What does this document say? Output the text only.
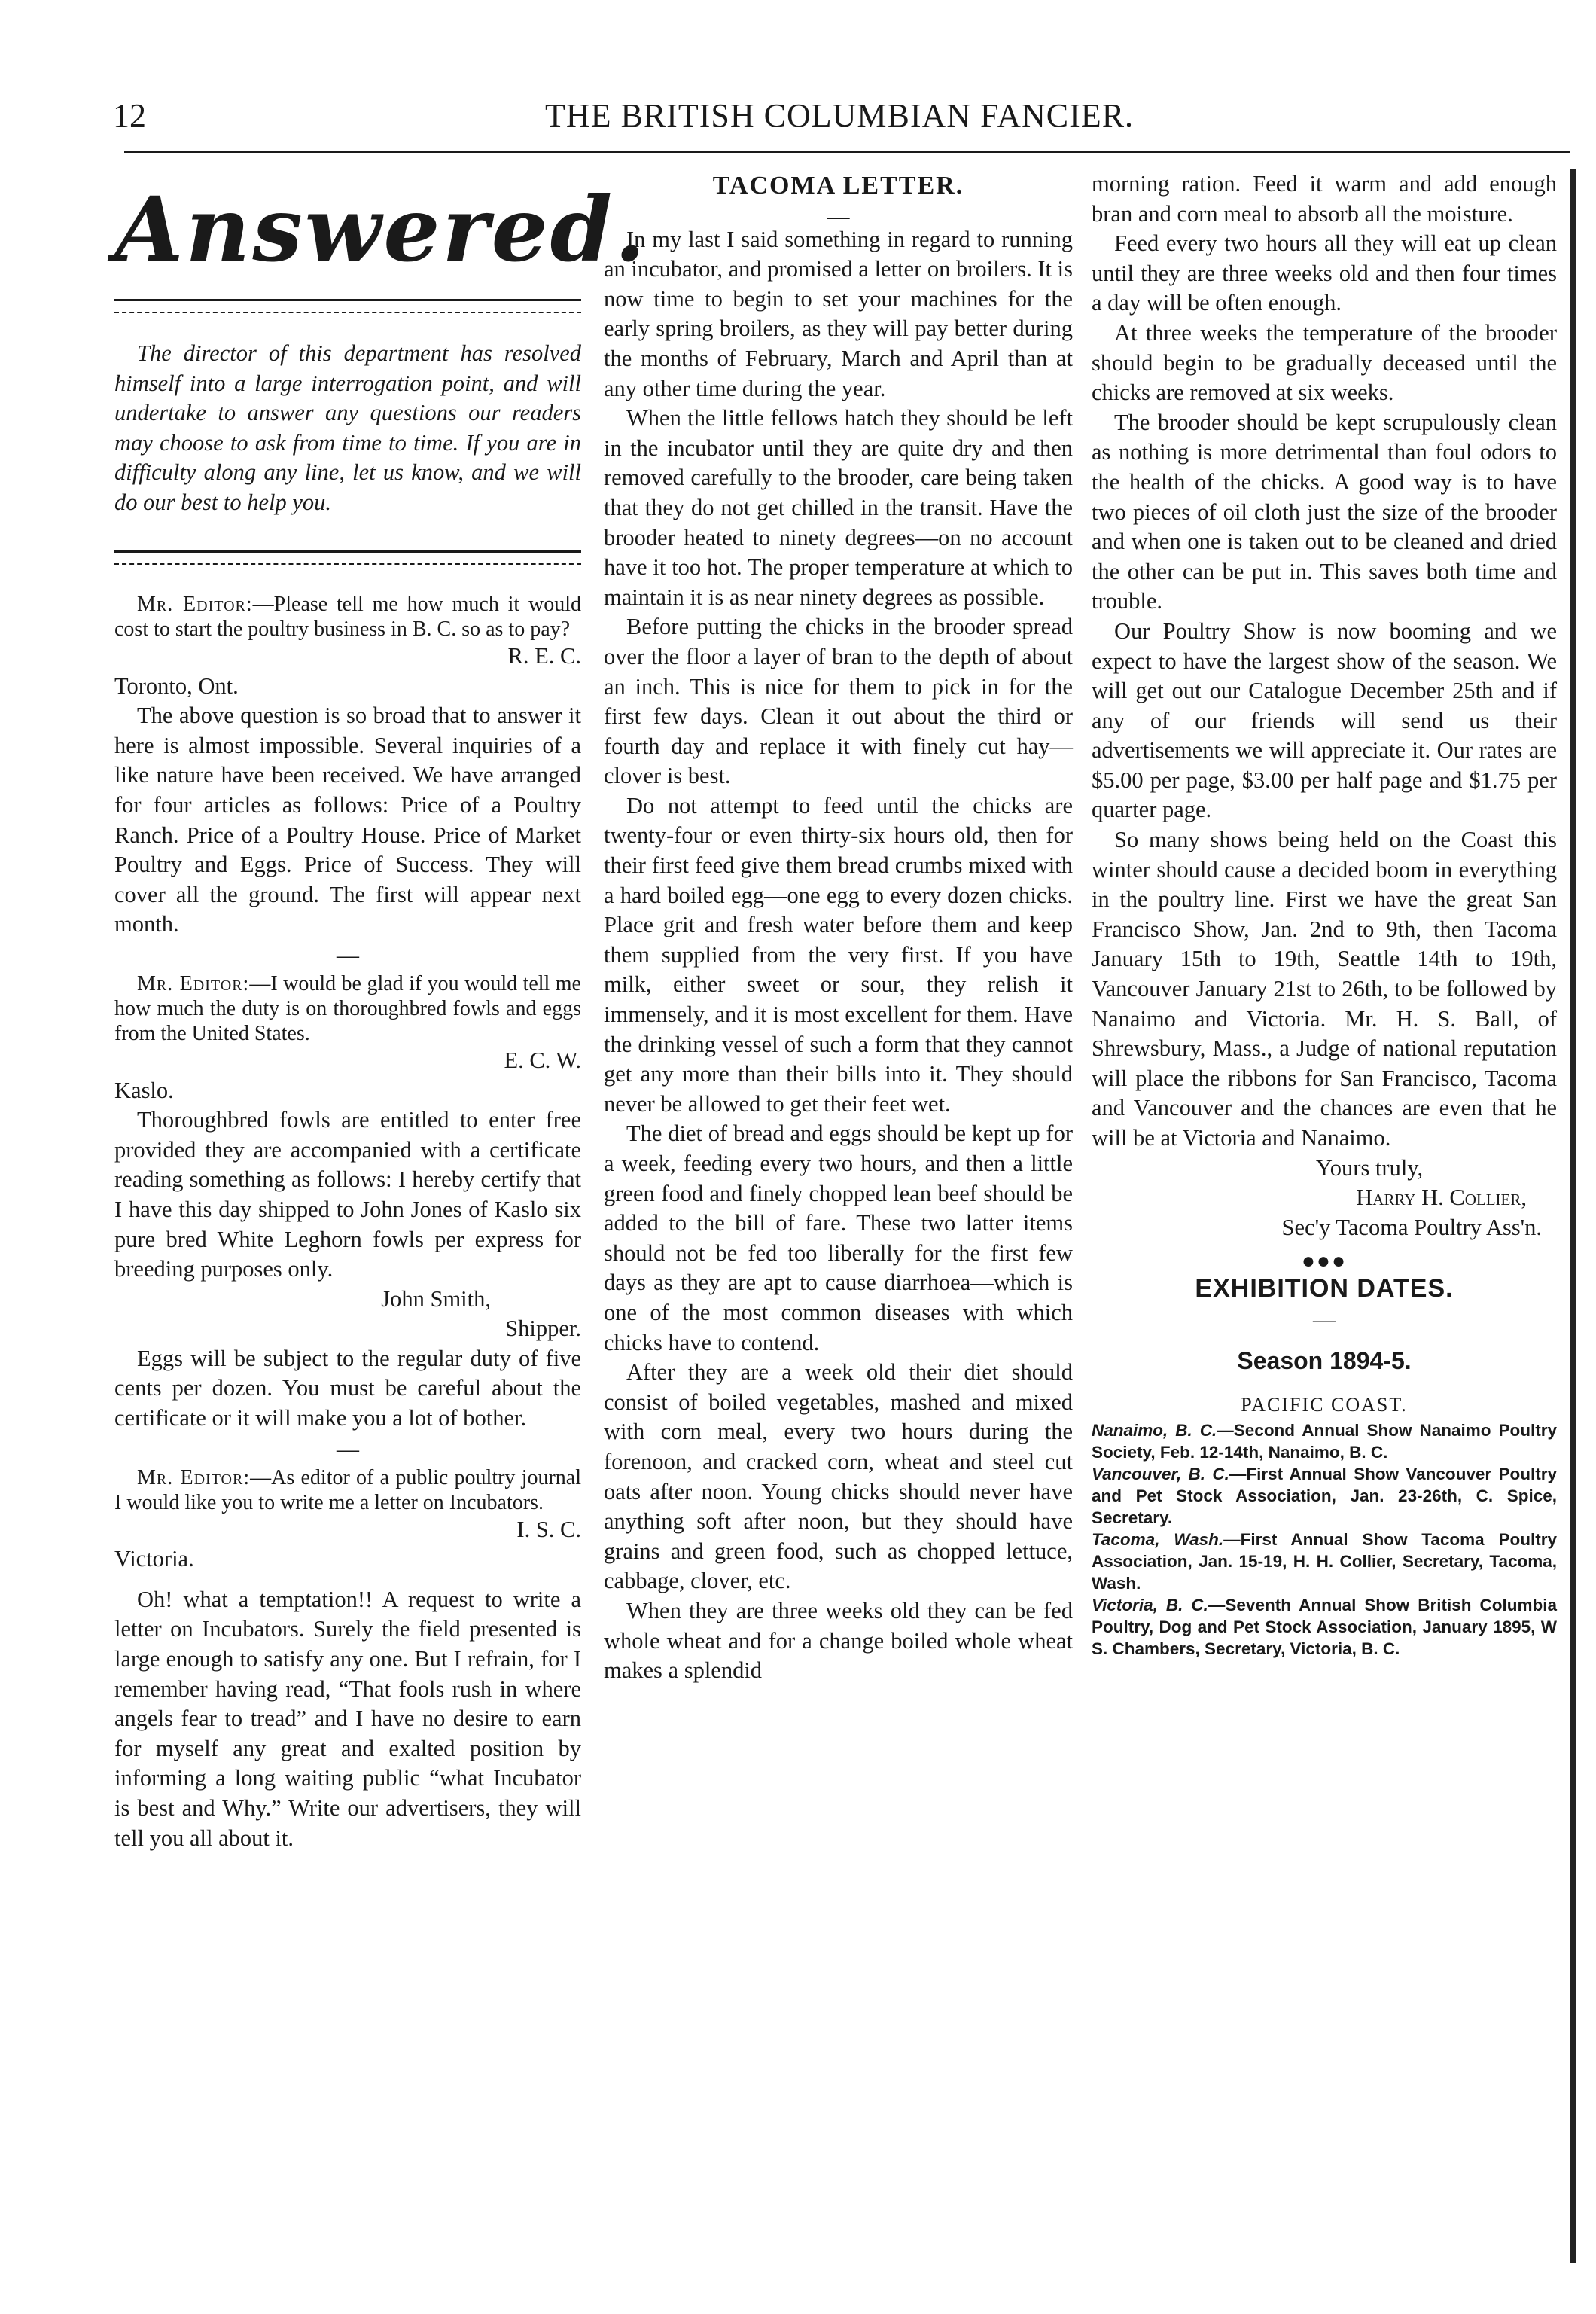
12	THE BRITISH COLUMBIAN FANCIER.
Answered.

The director of this department has resolved himself into a large interrogation point, and will undertake to answer any questions our readers may choose to ask from time to time. If you are in difficulty along any line, let us know, and we will do our best to help you.

Mr. Editor:—Please tell me how much it would cost to start the poultry business in B. C. so as to pay?

R. E. C.

Toronto, Ont.

The above question is so broad that to answer it here is almost impossible. Several inquiries of a like nature have been received. We have arranged for four articles as follows: Price of a Poultry Ranch. Price of a Poultry House. Price of Market Poultry and Eggs. Price of Success. They will cover all the ground. The first will appear next month.

—

Mr. Editor:—I would be glad if you would tell me how much the duty is on thoroughbred fowls and eggs from the United States.

E. C. W.

Kaslo.

Thoroughbred fowls are entitled to enter free provided they are accompanied with a certificate reading something as follows: I hereby certify that I have this day shipped to John Jones of Kaslo six pure bred White Leghorn fowls per express for breeding purposes only.

John Smith,

Shipper.

Eggs will be subject to the regular duty of five cents per dozen. You must be careful about the certificate or it will make you a lot of bother.

—

Mr. Editor:—As editor of a public poultry journal I would like you to write me a letter on Incubators.

I. S. C.

Victoria.

Oh! what a temptation!! A request to write a letter on Incubators. Surely the field presented is large enough to satisfy any one. But I refrain, for I remember having read, “That fools rush in where angels fear to tread” and I have no desire to earn for myself any great and exalted position by informing a long waiting public “what Incubator is best and Why.” Write our advertisers, they will tell you all about it.

TACOMA LETTER.

—

In my last I said something in regard to running an incubator, and promised a letter on broilers. It is now time to begin to set your machines for the early spring broilers, as they will pay better during the months of February, March and April than at any other time during the year.

When the little fellows hatch they should be left in the incubator until they are quite dry and then removed carefully to the brooder, care being taken that they do not get chilled in the transit. Have the brooder heated to ninety degrees—on no account have it too hot. The proper temperature at which to maintain it is as near ninety degrees as possible.

Before putting the chicks in the brooder spread over the floor a layer of bran to the depth of about an inch. This is nice for them to pick in for the first few days. Clean it out about the third or fourth day and replace it with finely cut hay—clover is best.

Do not attempt to feed until the chicks are twenty-four or even thirty-six hours old, then for their first feed give them bread crumbs mixed with a hard boiled egg—one egg to every dozen chicks. Place grit and fresh water before them and keep them supplied from the very first. If you have milk, either sweet or sour, they relish it immensely, and it is most excellent for them. Have the drinking vessel of such a form that they cannot get any more than their bills into it. They should never be allowed to get their feet wet.

The diet of bread and eggs should be kept up for a week, feeding every two hours, and then a little green food and finely chopped lean beef should be added to the bill of fare. These two latter items should not be fed too liberally for the first few days as they are apt to cause diarrhoea—which is one of the most common diseases with which chicks have to contend.

After they are a week old their diet should consist of boiled vegetables, mashed and mixed with corn meal, every two hours during the forenoon, and cracked corn, wheat and steel cut oats after noon. Young chicks should never have anything soft after noon, but they should have grains and green food, such as chopped lettuce, cabbage, clover, etc.

When they are three weeks old they can be fed whole wheat and for a change boiled whole wheat makes a splendid

morning ration. Feed it warm and add enough bran and corn meal to absorb all the moisture.

Feed every two hours all they will eat up clean until they are three weeks old and then four times a day will be often enough.

At three weeks the temperature of the brooder should begin to be gradually deceased until the chicks are removed at six weeks.

The brooder should be kept scrupulously clean as nothing is more detrimental than foul odors to the health of the chicks. A good way is to have two pieces of oil cloth just the size of the brooder and when one is taken out to be cleaned and dried the other can be put in. This saves both time and trouble.

Our Poultry Show is now booming and we expect to have the largest show of the season. We will get out our Catalogue December 25th and if any of our friends will send us their advertisements we will appreciate it. Our rates are $5.00 per page, $3.00 per half page and $1.75 per quarter page.

So many shows being held on the Coast this winter should cause a decided boom in everything in the poultry line. First we have the great San Francisco Show, Jan. 2nd to 9th, then Tacoma January 15th to 19th, Seattle 14th to 19th, Vancouver January 21st to 26th, to be followed by Nanaimo and Victoria. Mr. H. S. Ball, of Shrewsbury, Mass., a Judge of national reputation will place the ribbons for San Francisco, Tacoma and Vancouver and the chances are even that he will be at Victoria and Nanaimo.

Yours truly,

Harry H. Collier,

Sec'y Tacoma Poultry Ass'n.

●●●
EXHIBITION DATES.

—

Season 1894-5.
PACIFIC COAST.

Nanaimo, B. C.—Second Annual Show Nanaimo Poultry Society, Feb. 12-14th, Nanaimo, B. C.

Vancouver, B. C.—First Annual Show Vancouver Poultry and Pet Stock Association, Jan. 23-26th, C. Spice, Secretary.

Tacoma, Wash.—First Annual Show Tacoma Poultry Association, Jan. 15-19, H. H. Collier, Secretary, Tacoma, Wash.

Victoria, B. C.—Seventh Annual Show British Columbia Poultry, Dog and Pet Stock Association, January 1895, W S. Chambers, Secretary, Victoria, B. C.
